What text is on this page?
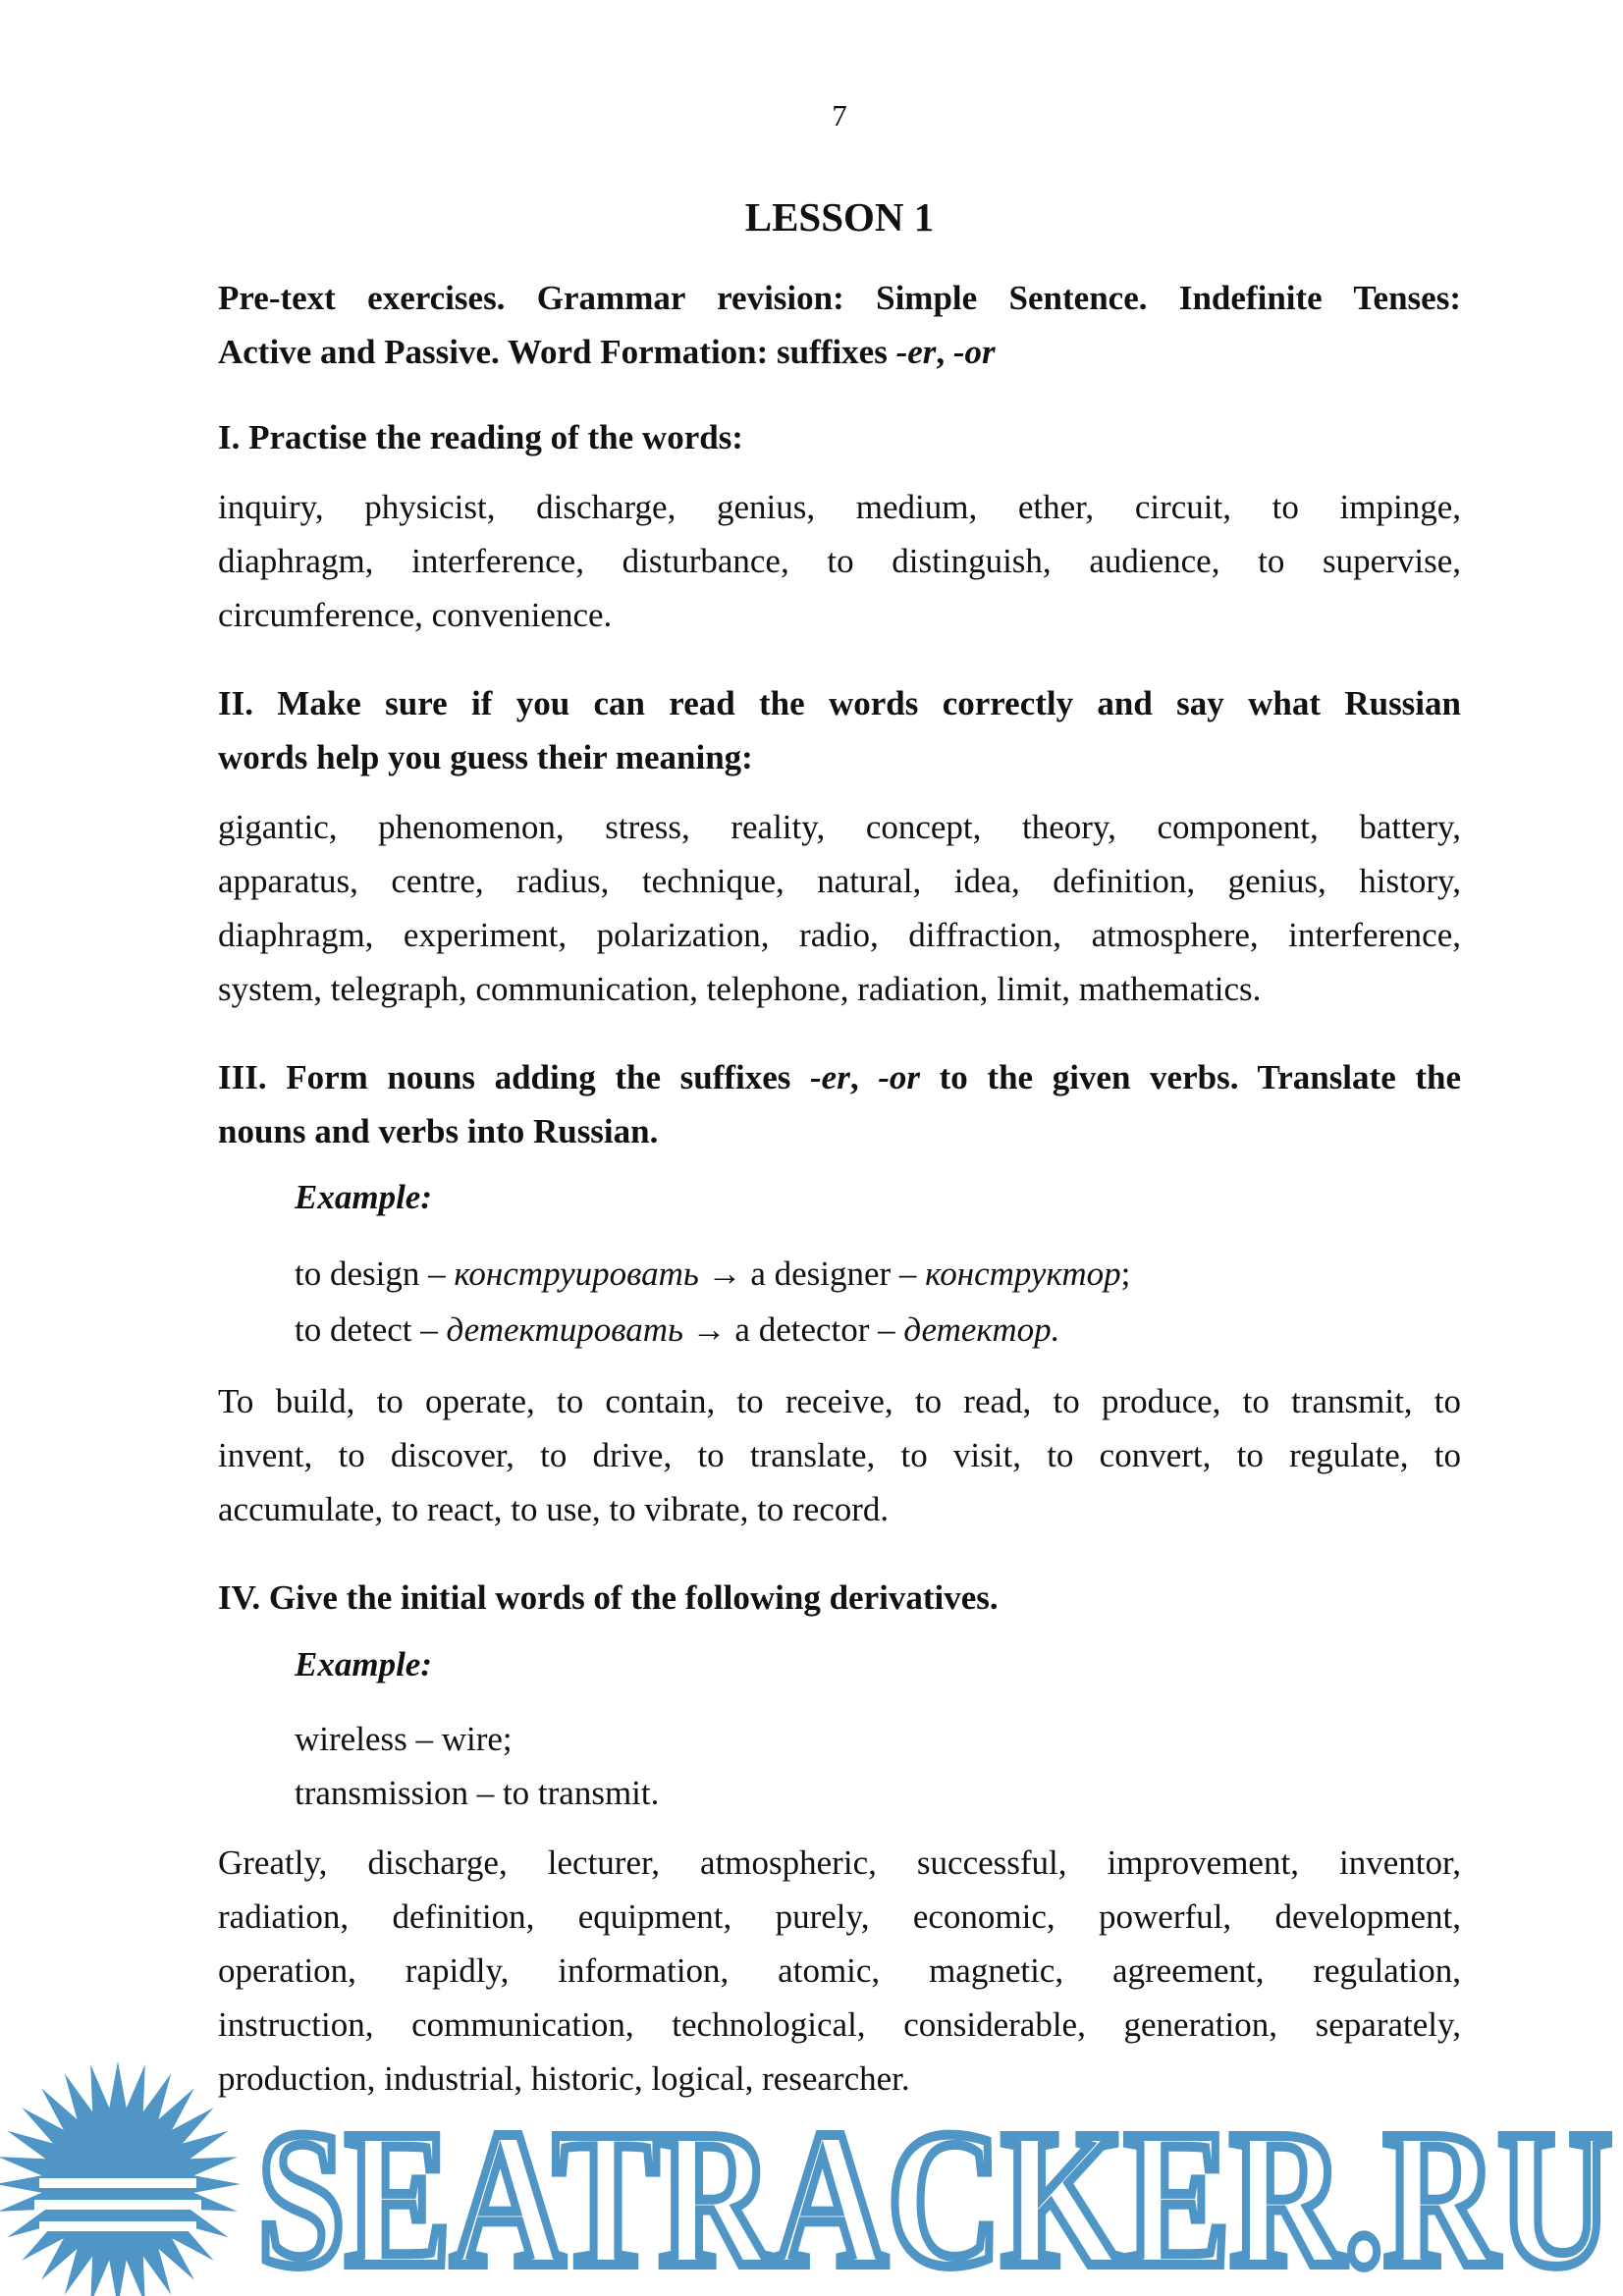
7
LESSON 1
Pre-text exercises. Grammar revision: Simple Sentence. Indefinite Tenses:
Active and Passive. Word Formation: suffixes -er, -or
I. Practise the reading of the words:
inquiry, physicist, discharge, genius, medium, ether, circuit, to impinge,
diaphragm, interference, disturbance, to distinguish, audience, to supervise,
circumference, convenience.
II. Make sure if you can read the words correctly and say what Russian
words help you guess their meaning:
gigantic, phenomenon, stress, reality, concept, theory, component, battery,
apparatus, centre, radius, technique, natural, idea, definition, genius, history,
diaphragm, experiment, polarization, radio, diffraction, atmosphere, interference,
system, telegraph, communication, telephone, radiation, limit, mathematics.
III. Form nouns adding the suffixes -er, -or to the given verbs. Translate the
nouns and verbs into Russian.
Example:
to design – конструировать → a designer – конструктор;
to detect – детектировать → a detector – детектор.
To build, to operate, to contain, to receive, to read, to produce, to transmit, to
invent, to discover, to drive, to translate, to visit, to convert, to regulate, to
accumulate, to react, to use, to vibrate, to record.
IV. Give the initial words of the following derivatives.
Example:
wireless – wire;
transmission – to transmit.
Greatly, discharge, lecturer, atmospheric, successful, improvement, inventor,
radiation, definition, equipment, purely, economic, powerful, development,
operation, rapidly, information, atomic, magnetic, agreement, regulation,
instruction, communication, technological, considerable, generation, separately,
production, industrial, historic, logical, researcher.
SEATRACKER.RU
